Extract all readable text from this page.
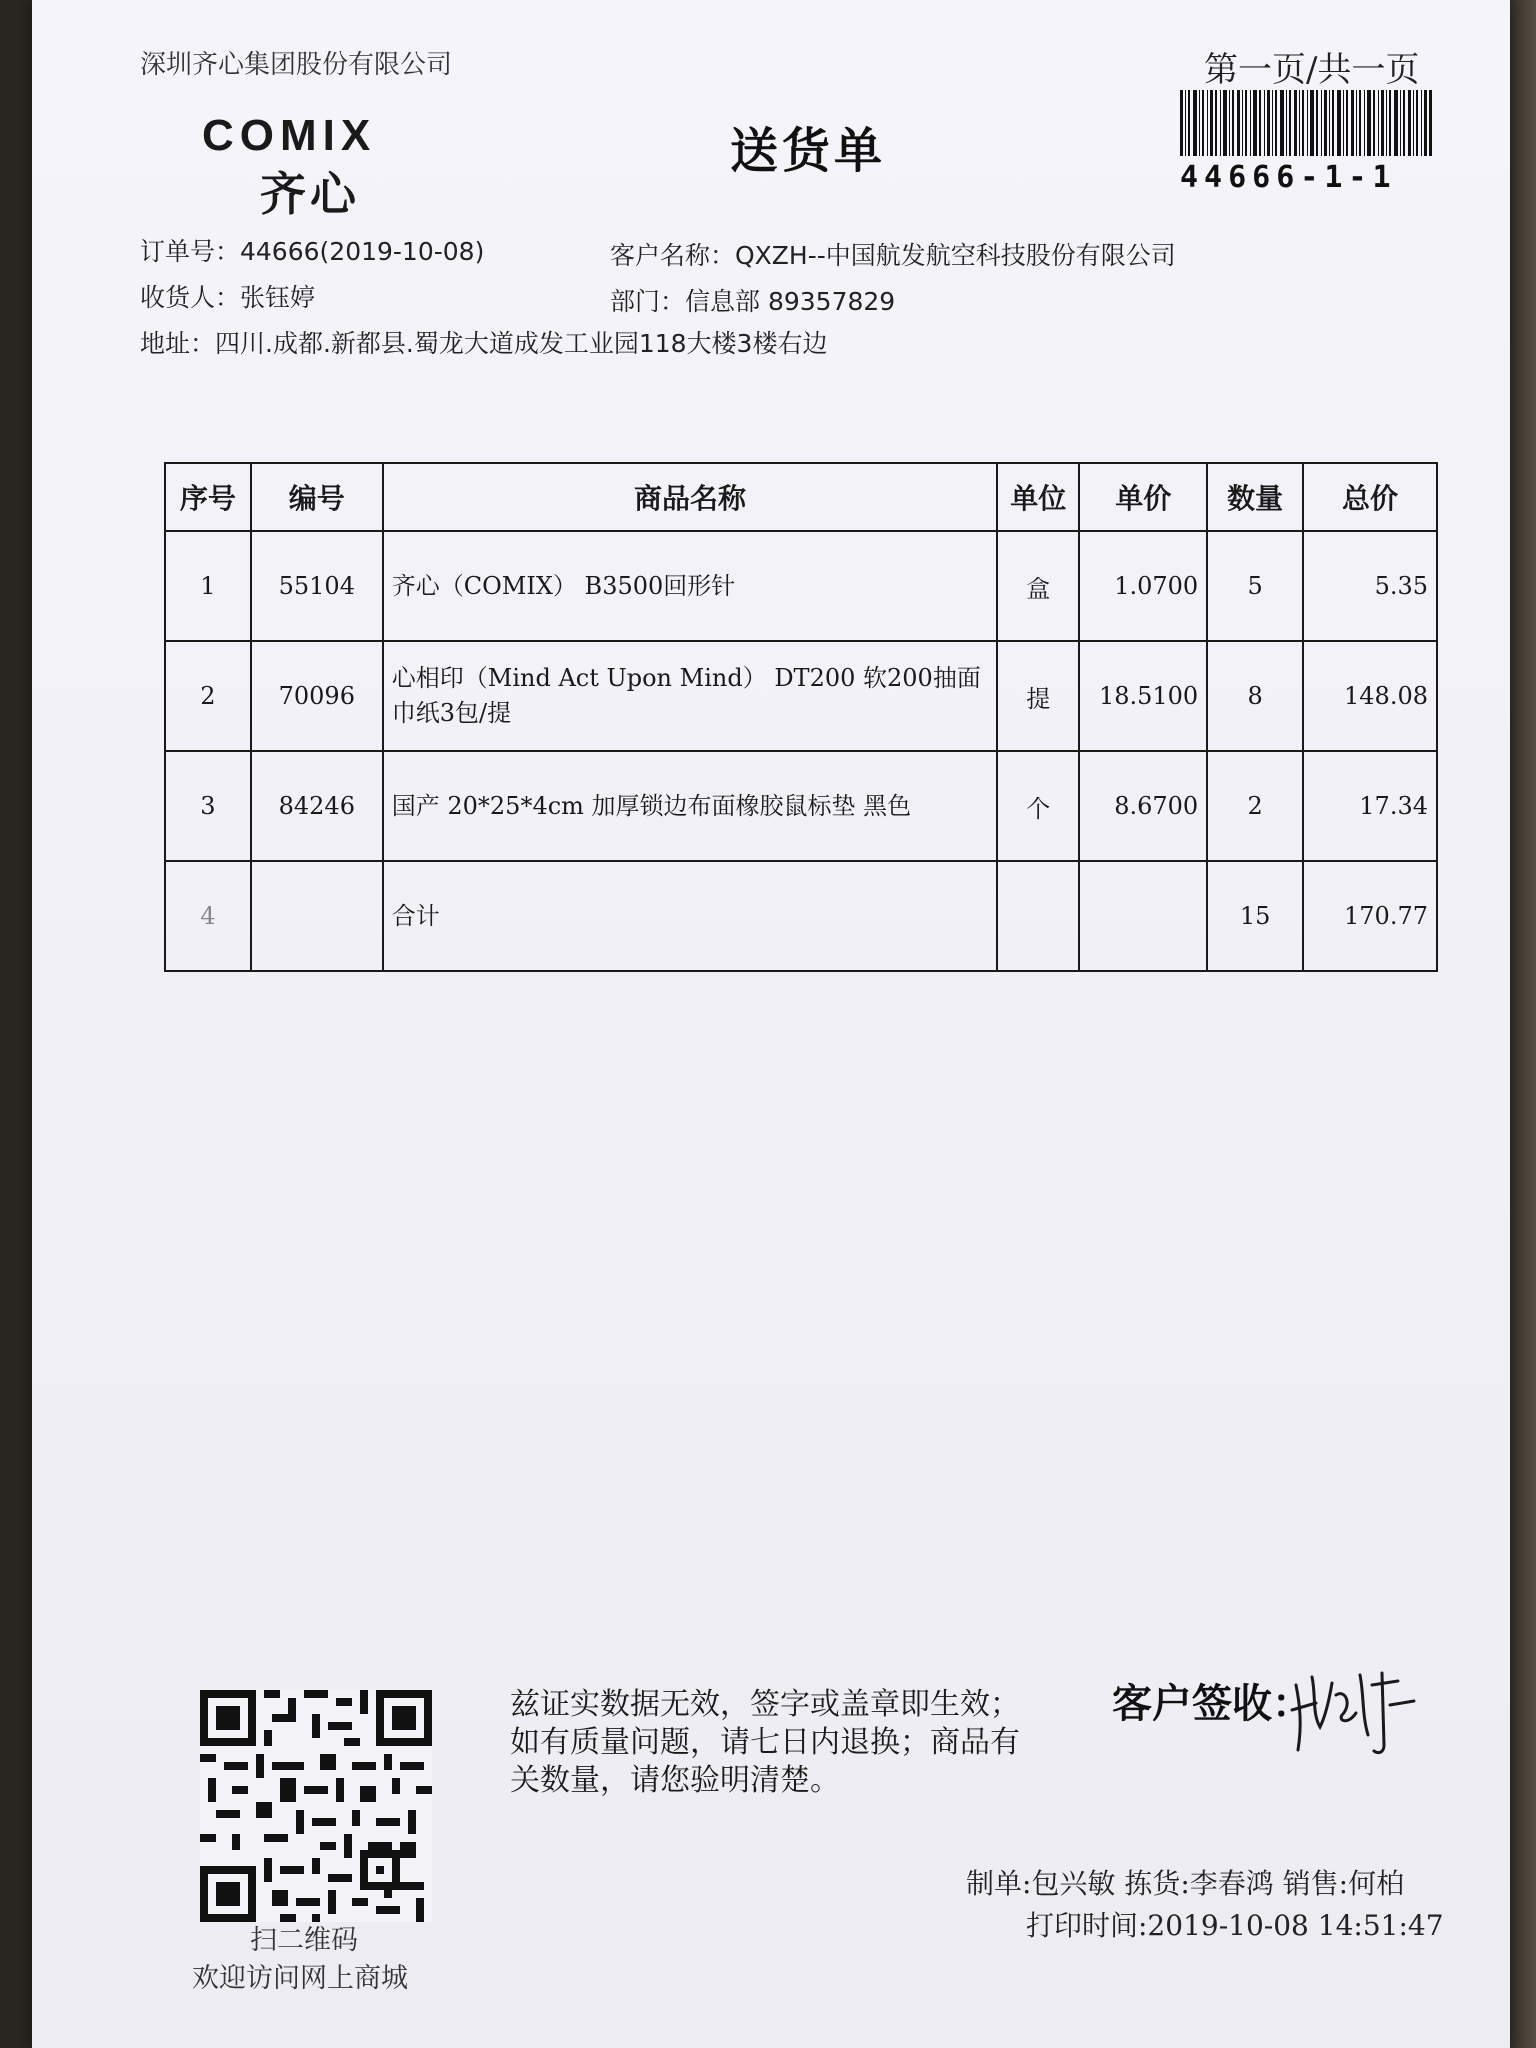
深圳齐心集团股份有限公司	第一页/共一页
COMIX
齐心
送货单	44666-1-1
订单号：44666(2019-10-08)	客户名称：QXZH--中国航发航空科技股份有限公司
收货人：张钰婷	部门：信息部 89357829
地址：四川.成都.新都县.蜀龙大道成发工业园118大楼3楼右边
序号	编号	商品名称	单位	单价	数量	总价
1	55104	齐心（COMIX） B3500回形针	盒	1.0700	5	5.35
2	70096	心相印（Mind Act Upon Mind） DT200 软200抽面巾纸3包/提	提	18.5100	8	148.08
3	84246	国产 20*25*4cm 加厚锁边布面橡胶鼠标垫 黑色	个	8.6700	2	17.34
4		合计			15	170.77
扫二维码
欢迎访问网上商城
兹证实数据无效，签字或盖章即生效；如有质量问题，请七日内退换；商品有关数量，请您验明清楚。
客户签收：
制单:包兴敏 拣货:李春鸿 销售:何柏
打印时间:2019-10-08 14:51:47
